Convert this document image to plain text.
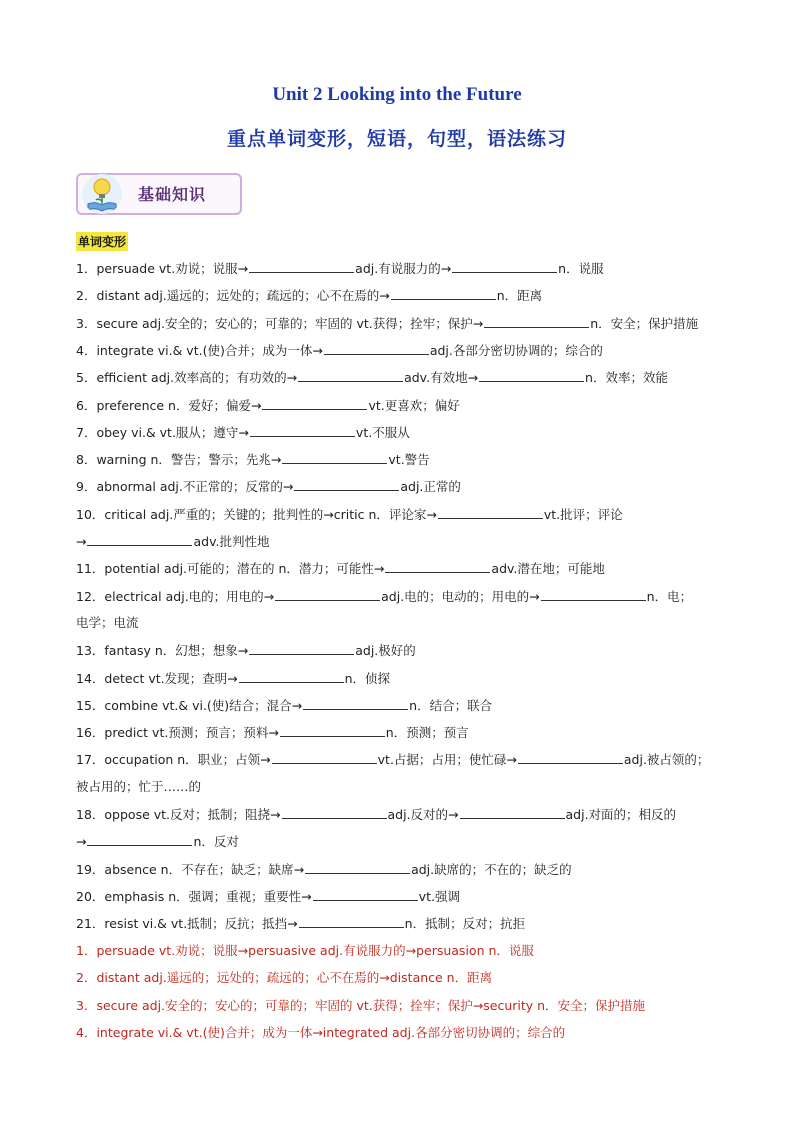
Unit 2 Looking into the Future
重点单词变形，短语，句型，语法练习
基础知识
单词变形
1．persuade vt.劝说；说服→	adj.有说服力的→	n．说服
2．distant adj.遥远的；远处的；疏远的；心不在焉的→	n．距离
3．secure adj.安全的；安心的；可靠的；牢固的 vt.获得；拴牢；保护→	n．安全；保护措施
4．integrate vi.& vt.(使)合并；成为一体→	adj.各部分密切协调的；综合的
5．efficient adj.效率高的；有功效的→	adv.有效地→	n．效率；效能
6．preference n．爱好；偏爱→	vt.更喜欢；偏好
7．obey vi.& vt.服从；遵守→	vt.不服从
8．warning n．警告；警示；先兆→	vt.警告
9．abnormal adj.不正常的；反常的→	adj.正常的
10．critical adj.严重的；关键的；批判性的→critic n．评论家→	vt.批评；评论
→	adv.批判性地
11．potential adj.可能的；潜在的 n．潜力；可能性→	adv.潜在地；可能地
12．electrical adj.电的；用电的→	adj.电的；电动的；用电的→	n．电；
电学；电流
13．fantasy n．幻想；想象→	adj.极好的
14．detect vt.发现；查明→	n．侦探
15．combine vt.& vi.(使)结合；混合→	n．结合；联合
16．predict vt.预测；预言；预料→	n．预测；预言
17．occupation n．职业；占领→	vt.占据；占用；使忙碌→	adj.被占领的；
被占用的；忙于……的
18．oppose vt.反对；抵制；阻挠→	adj.反对的→	adj.对面的；相反的
→	n．反对
19．absence n．不存在；缺乏；缺席→	adj.缺席的；不在的；缺乏的
20．emphasis n．强调；重视；重要性→	vt.强调
21．resist vi.& vt.抵制；反抗；抵挡→	n．抵制；反对；抗拒
1．persuade vt.劝说；说服→persuasive adj.有说服力的→persuasion n．说服
2．distant adj.遥远的；远处的；疏远的；心不在焉的→distance n．距离
3．secure adj.安全的；安心的；可靠的；牢固的 vt.获得；拴牢；保护→security n．安全；保护措施
4．integrate vi.& vt.(使)合并；成为一体→integrated adj.各部分密切协调的；综合的
